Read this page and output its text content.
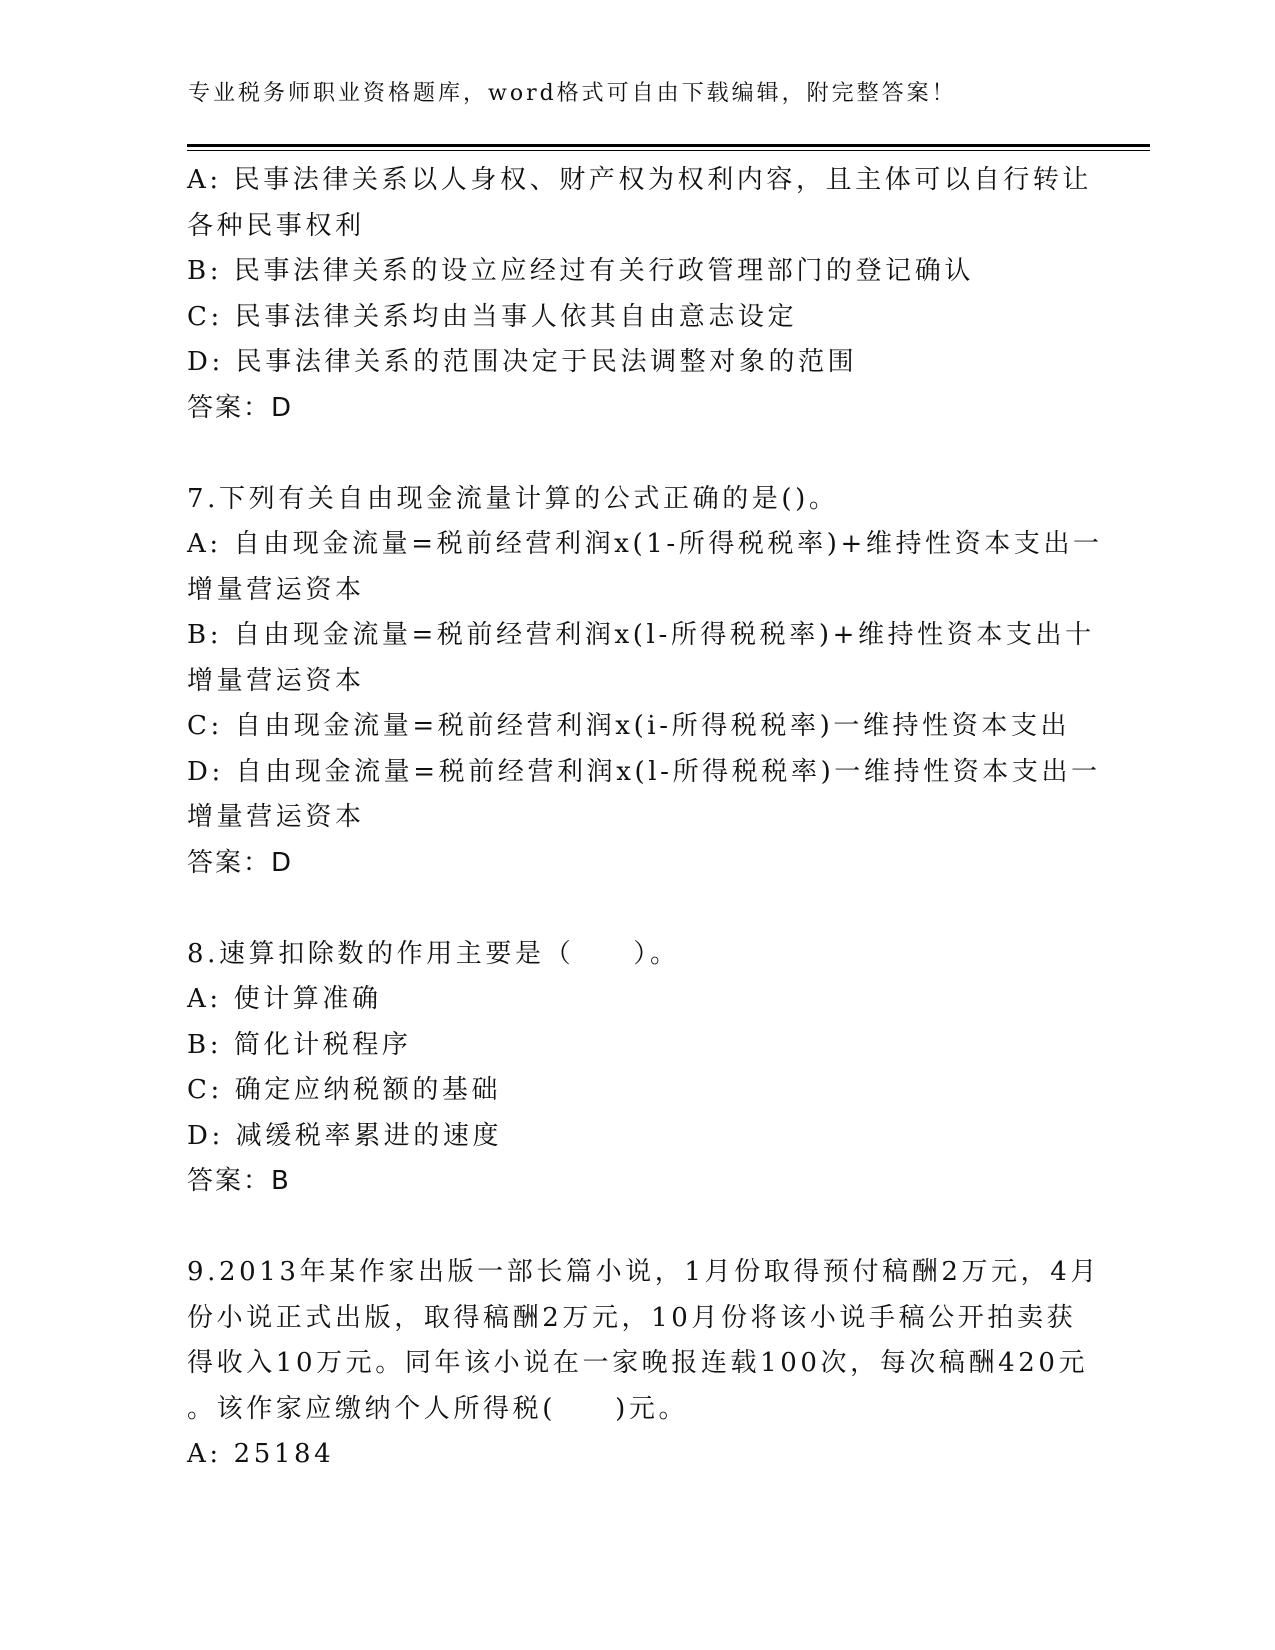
专业税务师职业资格题库，word格式可自由下载编辑，附完整答案！
A: 民事法律关系以人身权、财产权为权利内容，且主体可以自行转让
各种民事权利
B: 民事法律关系的设立应经过有关行政管理部门的登记确认
C: 民事法律关系均由当事人依其自由意志设定
D: 民事法律关系的范围决定于民法调整对象的范围
答案：D
7.下列有关自由现金流量计算的公式正确的是()。
A: 自由现金流量=税前经营利润x(1-所得税税率)+维持性资本支出一
增量营运资本
B: 自由现金流量=税前经营利润x(l-所得税税率)+维持性资本支出十
增量营运资本
C: 自由现金流量=税前经营利润x(i-所得税税率)一维持性资本支出
D: 自由现金流量=税前经营利润x(l-所得税税率)一维持性资本支出一
增量营运资本
答案：D
8.速算扣除数的作用主要是（　　）。
A: 使计算准确
B: 简化计税程序
C: 确定应纳税额的基础
D: 减缓税率累进的速度
答案：B
9.2013年某作家出版一部长篇小说，1月份取得预付稿酬2万元，4月
份小说正式出版，取得稿酬2万元，10月份将该小说手稿公开拍卖获
得收入10万元。同年该小说在一家晚报连载100次，每次稿酬420元
。该作家应缴纳个人所得税(　　)元。
A: 25184
